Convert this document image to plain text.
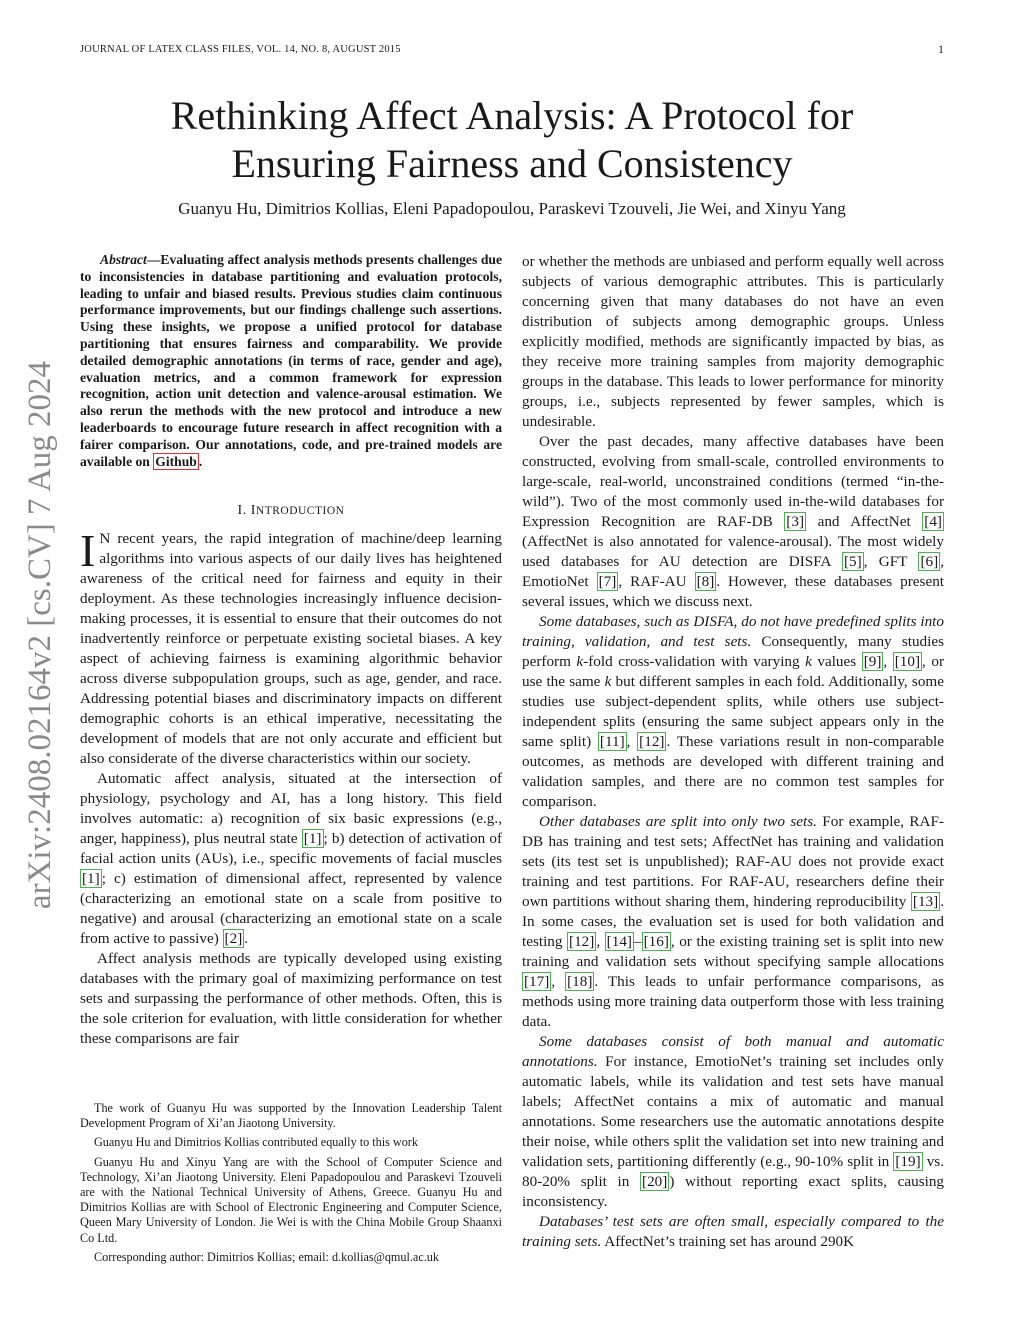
JOURNAL OF LATEX CLASS FILES, VOL. 14, NO. 8, AUGUST 2015	1
Rethinking Affect Analysis: A Protocol for
Ensuring Fairness and Consistency
Guanyu Hu, Dimitrios Kollias, Eleni Papadopoulou, Paraskevi Tzouveli, Jie Wei, and Xinyu Yang
arXiv:2408.02164v2 [cs.CV] 7 Aug 2024

Abstract—Evaluating affect analysis methods presents challenges due to inconsistencies in database partitioning and evaluation protocols, leading to unfair and biased results. Previous studies claim continuous performance improvements, but our findings challenge such assertions. Using these insights, we propose a unified protocol for database partitioning that ensures fairness and comparability. We provide detailed demographic annotations (in terms of race, gender and age), evaluation metrics, and a common framework for expression recognition, action unit detection and valence-arousal estimation. We also rerun the methods with the new protocol and introduce a new leaderboards to encourage future research in affect recognition with a fairer comparison. Our annotations, code, and pre-trained models are available on Github .

I. INTRODUCTION

I N recent years, the rapid integration of machine/deep learning algorithms into various aspects of our daily lives has heightened awareness of the critical need for fairness and equity in their deployment. As these technologies increasingly influence decision-making processes, it is essential to ensure that their outcomes do not inadvertently reinforce or perpetuate existing societal biases. A key aspect of achieving fairness is examining algorithmic behavior across diverse subpopulation groups, such as age, gender, and race. Addressing potential biases and discriminatory impacts on different demographic cohorts is an ethical imperative, necessitating the development of models that are not only accurate and efficient but also considerate of the diverse characteristics within our society.

Automatic affect analysis, situated at the intersection of physiology, psychology and AI, has a long history. This field involves automatic: a) recognition of six basic expressions (e.g., anger, happiness), plus neutral state [1] ; b) detection of activation of facial action units (AUs), i.e., specific movements of facial muscles [1] ; c) estimation of dimensional affect, represented by valence (characterizing an emotional state on a scale from positive to negative) and arousal (characterizing an emotional state on a scale from active to passive) [2] .

Affect analysis methods are typically developed using existing databases with the primary goal of maximizing performance on test sets and surpassing the performance of other methods. Often, this is the sole criterion for evaluation, with little consideration for whether these comparisons are fair

or whether the methods are unbiased and perform equally well across subjects of various demographic attributes. This is particularly concerning given that many databases do not have an even distribution of subjects among demographic groups. Unless explicitly modified, methods are significantly impacted by bias, as they receive more training samples from majority demographic groups in the database. This leads to lower performance for minority groups, i.e., subjects represented by fewer samples, which is undesirable.

Over the past decades, many affective databases have been constructed, evolving from small-scale, controlled environments to large-scale, real-world, unconstrained conditions (termed “in-the-wild”). Two of the most commonly used in-the-wild databases for Expression Recognition are RAF-DB [3] and AffectNet [4] (AffectNet is also annotated for valence-arousal). The most widely used databases for AU detection are DISFA [5] , GFT [6] , EmotioNet [7] , RAF-AU [8] . However, these databases present several issues, which we discuss next.

Some databases, such as DISFA, do not have predefined splits into training, validation, and test sets. Consequently, many studies perform k-fold cross-validation with varying k values [9] , [10] , or use the same k but different samples in each fold. Additionally, some studies use subject-dependent splits, while others use subject-independent splits (ensuring the same subject appears only in the same split) [11] , [12] . These variations result in non-comparable outcomes, as methods are developed with different training and validation samples, and there are no common test samples for comparison.

Other databases are split into only two sets. For example, RAF-DB has training and test sets; AffectNet has training and validation sets (its test set is unpublished); RAF-AU does not provide exact training and test partitions. For RAF-AU, researchers define their own partitions without sharing them, hindering reproducibility [13] . In some cases, the evaluation set is used for both validation and testing [12] , [14] – [16] , or the existing training set is split into new training and validation sets without specifying sample allocations [17] , [18] . This leads to unfair performance comparisons, as methods using more training data outperform those with less training data.

Some databases consist of both manual and automatic annotations. For instance, EmotioNet’s training set includes only automatic labels, while its validation and test sets have manual labels; AffectNet contains a mix of automatic and manual annotations. Some researchers use the automatic annotations despite their noise, while others split the validation set into new training and validation sets, partitioning differently (e.g., 90-10% split in [19] vs. 80-20% split in [20] ) without reporting exact splits, causing inconsistency.

Databases’ test sets are often small, especially compared to the training sets. AffectNet’s training set has around 290K

The work of Guanyu Hu was supported by the Innovation Leadership Talent Development Program of Xi’an Jiaotong University.

Guanyu Hu and Dimitrios Kollias contributed equally to this work

Guanyu Hu and Xinyu Yang are with the School of Computer Science and Technology, Xi’an Jiaotong University. Eleni Papadopoulou and Paraskevi Tzouveli are with the National Technical University of Athens, Greece. Guanyu Hu and Dimitrios Kollias are with School of Electronic Engineering and Computer Science, Queen Mary University of London. Jie Wei is with the China Mobile Group Shaanxi Co Ltd.

Corresponding author: Dimitrios Kollias; email: d.kollias@qmul.ac.uk
